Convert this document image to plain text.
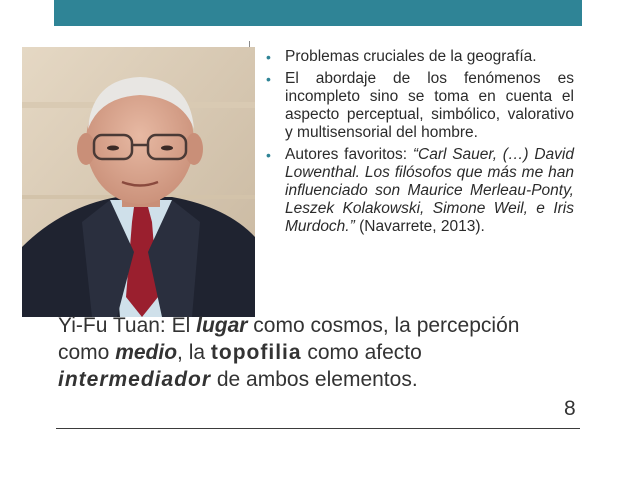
• Problemas cruciales de la geografía.
• El abordaje de los fenómenos es incompleto sino se toma en cuenta el aspecto perceptual, simbólico, valorativo y multisensorial del hombre.
• Autores favoritos: “Carl Sauer, (…) David Lowenthal. Los filósofos que más me han influenciado son Maurice Merleau-Ponty, Leszek Kolakowski, Simone Weil, e Iris Murdoch.” (Navarrete, 2013).
Yi-Fu Tuan: El lugar como cosmos, la percepción como medio, la topofilia como afecto intermediador de ambos elementos.
8
